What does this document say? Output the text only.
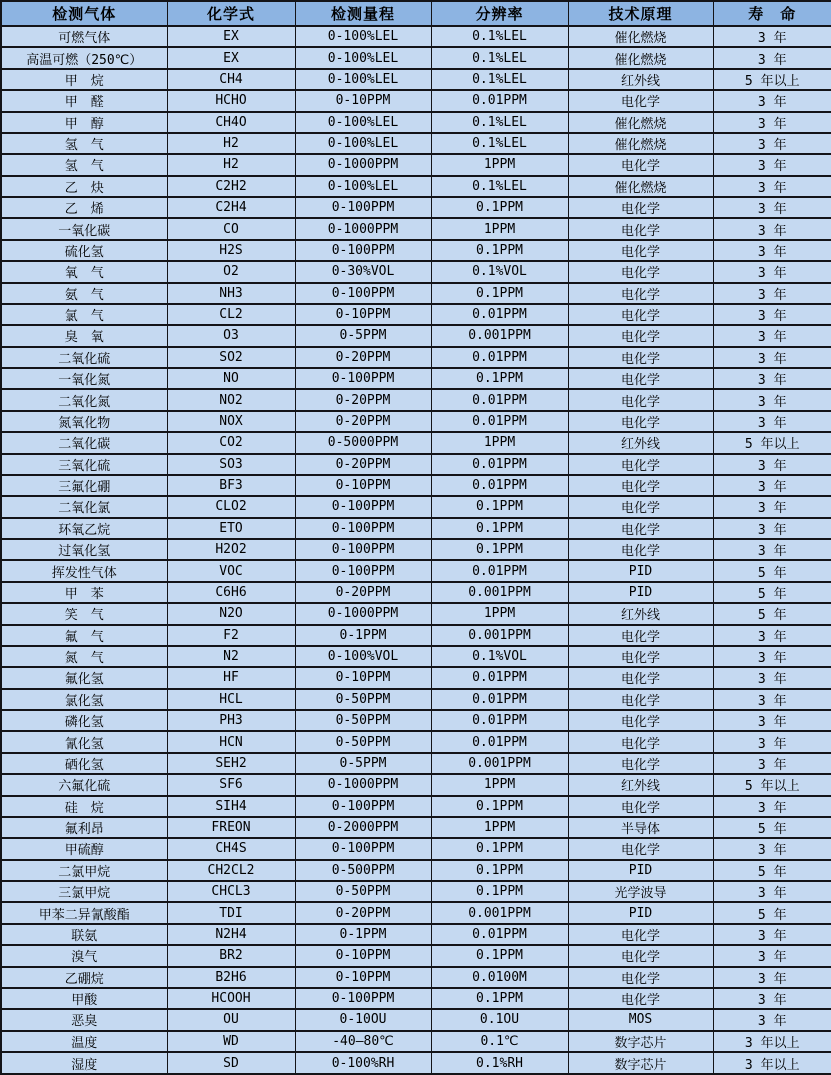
检测气体	化学式	检测量程	分辨率	技术原理	寿　命
可燃气体	EX	0-100%LEL	0.1%LEL	催化燃烧	3 年
高温可燃（250℃）	EX	0-100%LEL	0.1%LEL	催化燃烧	3 年
甲　烷	CH4	0-100%LEL	0.1%LEL	红外线	5 年以上
甲　醛	HCHO	0-10PPM	0.01PPM	电化学	3 年
甲　醇	CH4O	0-100%LEL	0.1%LEL	催化燃烧	3 年
氢　气	H2	0-100%LEL	0.1%LEL	催化燃烧	3 年
氢　气	H2	0-1000PPM	1PPM	电化学	3 年
乙　炔	C2H2	0-100%LEL	0.1%LEL	催化燃烧	3 年
乙　烯	C2H4	0-100PPM	0.1PPM	电化学	3 年
一氧化碳	CO	0-1000PPM	1PPM	电化学	3 年
硫化氢	H2S	0-100PPM	0.1PPM	电化学	3 年
氧　气	O2	0-30%VOL	0.1%VOL	电化学	3 年
氨　气	NH3	0-100PPM	0.1PPM	电化学	3 年
氯　气	CL2	0-10PPM	0.01PPM	电化学	3 年
臭　氧	O3	0-5PPM	0.001PPM	电化学	3 年
二氧化硫	SO2	0-20PPM	0.01PPM	电化学	3 年
一氧化氮	NO	0-100PPM	0.1PPM	电化学	3 年
二氧化氮	NO2	0-20PPM	0.01PPM	电化学	3 年
氮氧化物	NOX	0-20PPM	0.01PPM	电化学	3 年
二氧化碳	CO2	0-5000PPM	1PPM	红外线	5 年以上
三氧化硫	SO3	0-20PPM	0.01PPM	电化学	3 年
三氟化硼	BF3	0-10PPM	0.01PPM	电化学	3 年
二氧化氯	CLO2	0-100PPM	0.1PPM	电化学	3 年
环氧乙烷	ETO	0-100PPM	0.1PPM	电化学	3 年
过氧化氢	H2O2	0-100PPM	0.1PPM	电化学	3 年
挥发性气体	VOC	0-100PPM	0.01PPM	PID	5 年
甲　苯	C6H6	0-20PPM	0.001PPM	PID	5 年
笑　气	N2O	0-1000PPM	1PPM	红外线	5 年
氟　气	F2	0-1PPM	0.001PPM	电化学	3 年
氮　气	N2	0-100%VOL	0.1%VOL	电化学	3 年
氟化氢	HF	0-10PPM	0.01PPM	电化学	3 年
氯化氢	HCL	0-50PPM	0.01PPM	电化学	3 年
磷化氢	PH3	0-50PPM	0.01PPM	电化学	3 年
氰化氢	HCN	0-50PPM	0.01PPM	电化学	3 年
硒化氢	SEH2	0-5PPM	0.001PPM	电化学	3 年
六氟化硫	SF6	0-1000PPM	1PPM	红外线	5 年以上
硅　烷	SIH4	0-100PPM	0.1PPM	电化学	3 年
氟利昂	FREON	0-2000PPM	1PPM	半导体	5 年
甲硫醇	CH4S	0-100PPM	0.1PPM	电化学	3 年
二氯甲烷	CH2CL2	0-500PPM	0.1PPM	PID	5 年
三氯甲烷	CHCL3	0-50PPM	0.1PPM	光学波导	3 年
甲苯二异氰酸酯	TDI	0-20PPM	0.001PPM	PID	5 年
联氨	N2H4	0-1PPM	0.01PPM	电化学	3 年
溴气	BR2	0-10PPM	0.1PPM	电化学	3 年
乙硼烷	B2H6	0-10PPM	0.0100M	电化学	3 年
甲酸	HCOOH	0-100PPM	0.1PPM	电化学	3 年
恶臭	OU	0-10OU	0.1OU	MOS	3 年
温度	WD	-40—80℃	0.1℃	数字芯片	3 年以上
湿度	SD	0-100%RH	0.1%RH	数字芯片	3 年以上
